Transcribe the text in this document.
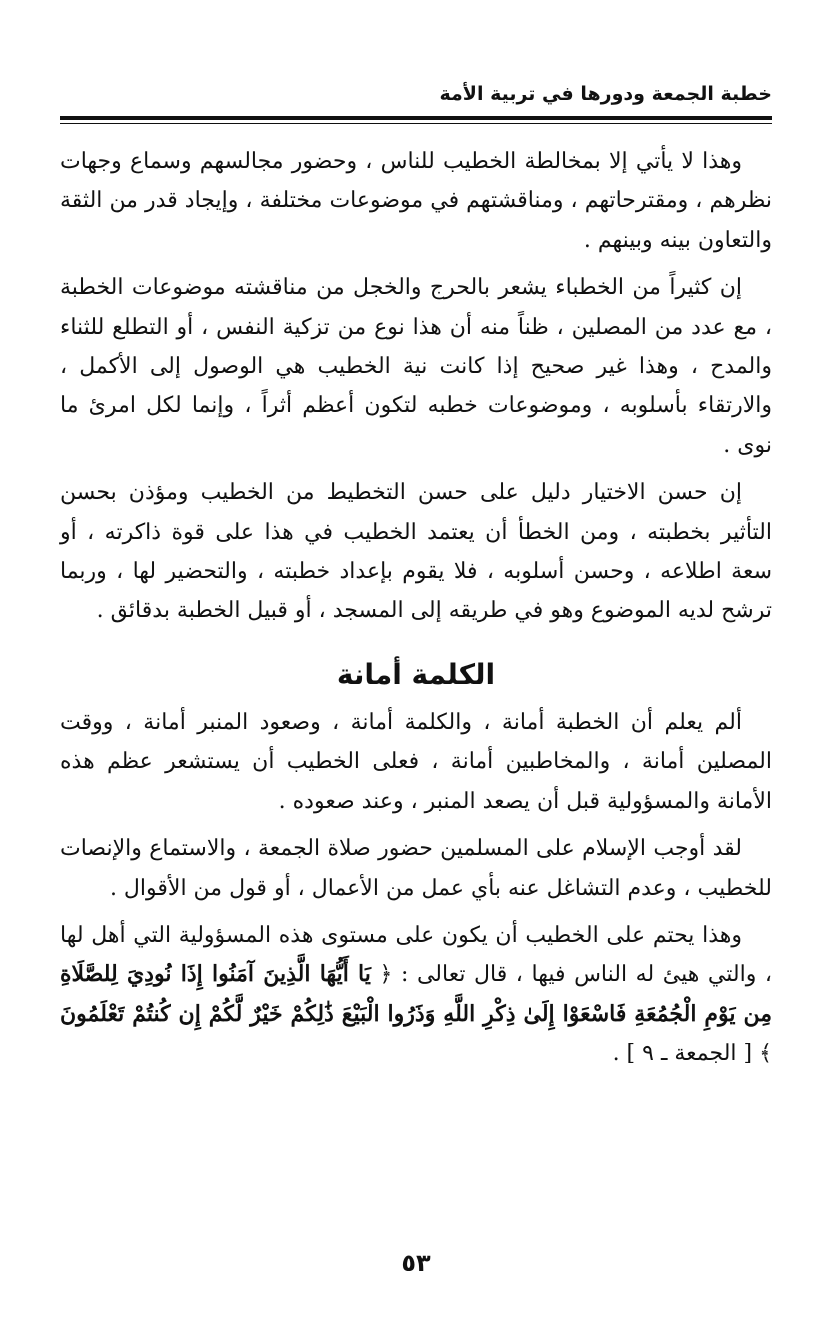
خطبة الجمعة ودورها في تربية الأمة

وهذا لا يأتي إلا بمخالطة الخطيب للناس ، وحضور مجالسهم وسماع وجهات نظرهم ، ومقترحاتهم ، ومناقشتهم في موضوعات مختلفة ، وإيجاد قدر من الثقة والتعاون بينه وبينهم .

إن كثيراً من الخطباء يشعر بالحرج والخجل من مناقشته موضوعات الخطبة ، مع عدد من المصلين ، ظناً منه أن هذا نوع من تزكية النفس ، أو التطلع للثناء والمدح ، وهذا غير صحيح إذا كانت نية الخطيب هي الوصول إلى الأكمل ، والارتقاء بأسلوبه ، وموضوعات خطبه لتكون أعظم أثراً ، وإنما لكل امرئ ما نوى .

إن حسن الاختيار دليل على حسن التخطيط من الخطيب ومؤذن بحسن التأثير بخطبته ، ومن الخطأ أن يعتمد الخطيب في هذا على قوة ذاكرته ، أو سعة اطلاعه ، وحسن أسلوبه ، فلا يقوم بإعداد خطبته ، والتحضير لها ، وربما ترشح لديه الموضوع وهو في طريقه إلى المسجد ، أو قبيل الخطبة بدقائق .

الكلمة أمانة

ألم يعلم أن الخطبة أمانة ، والكلمة أمانة ، وصعود المنبر أمانة ، ووقت المصلين أمانة ، والمخاطبين أمانة ، فعلى الخطيب أن يستشعر عظم هذه الأمانة والمسؤولية قبل أن يصعد المنبر ، وعند صعوده .

لقد أوجب الإسلام على المسلمين حضور صلاة الجمعة ، والاستماع والإنصات للخطيب ، وعدم التشاغل عنه بأي عمل من الأعمال ، أو قول من الأقوال .

وهذا يحتم على الخطيب أن يكون على مستوى هذه المسؤولية التي أهل لها ، والتي هيئ له الناس فيها ، قال تعالى : ﴿ يَا أَيُّهَا الَّذِينَ آمَنُوا إِذَا نُودِيَ لِلصَّلَاةِ مِن يَوْمِ الْجُمُعَةِ فَاسْعَوْا إِلَىٰ ذِكْرِ اللَّهِ وَذَرُوا الْبَيْعَ ذَٰلِكُمْ خَيْرٌ لَّكُمْ إِن كُنتُمْ تَعْلَمُونَ ﴾ [ الجمعة ـ ٩ ] .

٥٣
